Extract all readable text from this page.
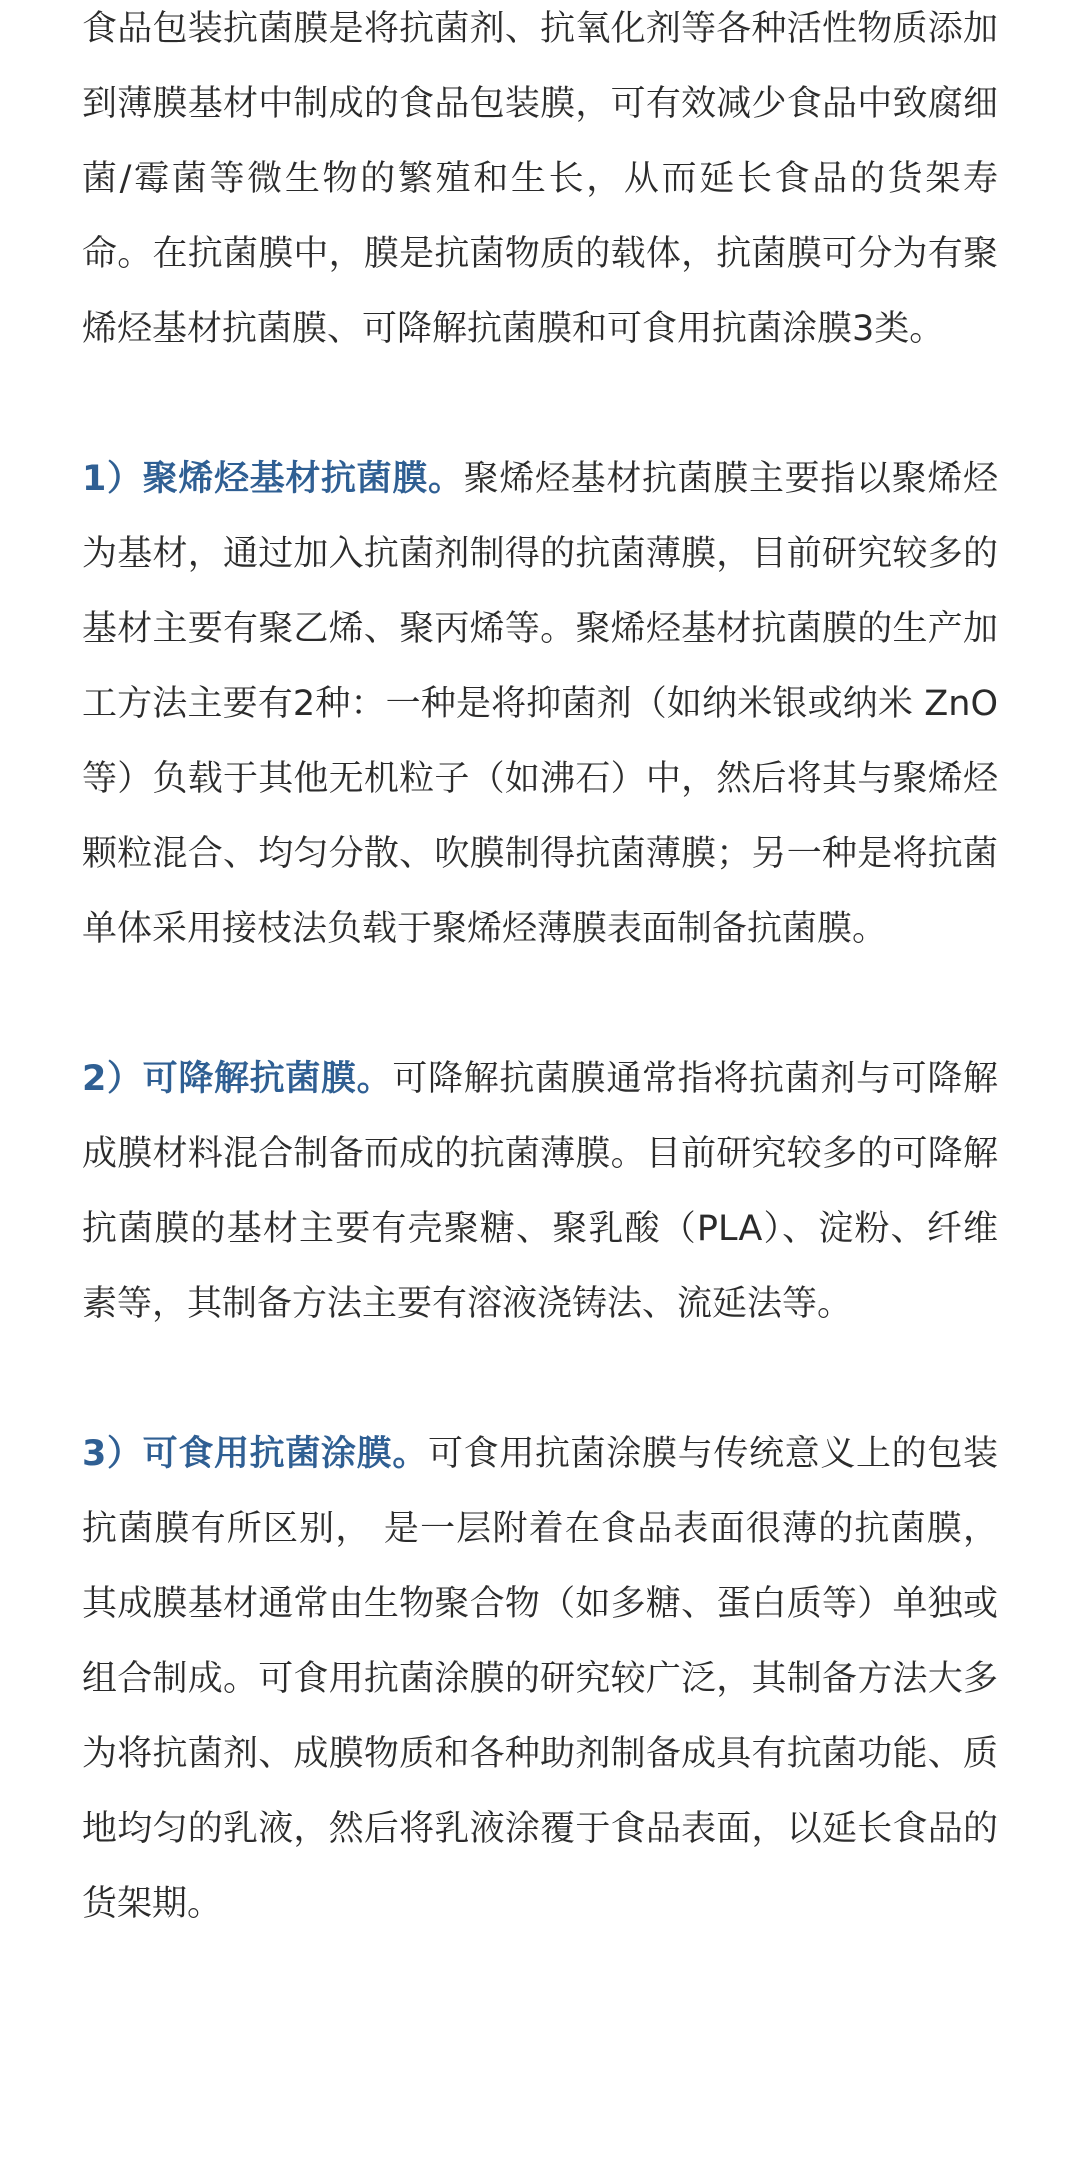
食品包装抗菌膜是将抗菌剂、抗氧化剂等各种活性物质添加到薄膜基材中制成的食品包装膜，可有效减少食品中致腐细菌/霉菌等微生物的繁殖和生长，从而延长食品的货架寿命。在抗菌膜中，膜是抗菌物质的载体，抗菌膜可分为有聚烯烃基材抗菌膜、可降解抗菌膜和可食用抗菌涂膜3类。

1）聚烯烃基材抗菌膜。聚烯烃基材抗菌膜主要指以聚烯烃为基材，通过加入抗菌剂制得的抗菌薄膜，目前研究较多的基材主要有聚乙烯、聚丙烯等。聚烯烃基材抗菌膜的生产加工方法主要有2种：一种是将抑菌剂（如纳米银或纳米 ZnO 等）负载于其他无机粒子（如沸石）中，然后将其与聚烯烃颗粒混合、均匀分散、吹膜制得抗菌薄膜；另一种是将抗菌单体采用接枝法负载于聚烯烃薄膜表面制备抗菌膜。

2）可降解抗菌膜。可降解抗菌膜通常指将抗菌剂与可降解成膜材料混合制备而成的抗菌薄膜。目前研究较多的可降解抗菌膜的基材主要有壳聚糖、聚乳酸（PLA）、淀粉、纤维素等，其制备方法主要有溶液浇铸法、流延法等。

3）可食用抗菌涂膜。可食用抗菌涂膜与传统意义上的包装抗菌膜有所区别， 是一层附着在食品表面很薄的抗菌膜，其成膜基材通常由生物聚合物（如多糖、蛋白质等）单独或组合制成。可食用抗菌涂膜的研究较广泛，其制备方法大多为将抗菌剂、成膜物质和各种助剂制备成具有抗菌功能、质地均匀的乳液，然后将乳液涂覆于食品表面，以延长食品的货架期。
